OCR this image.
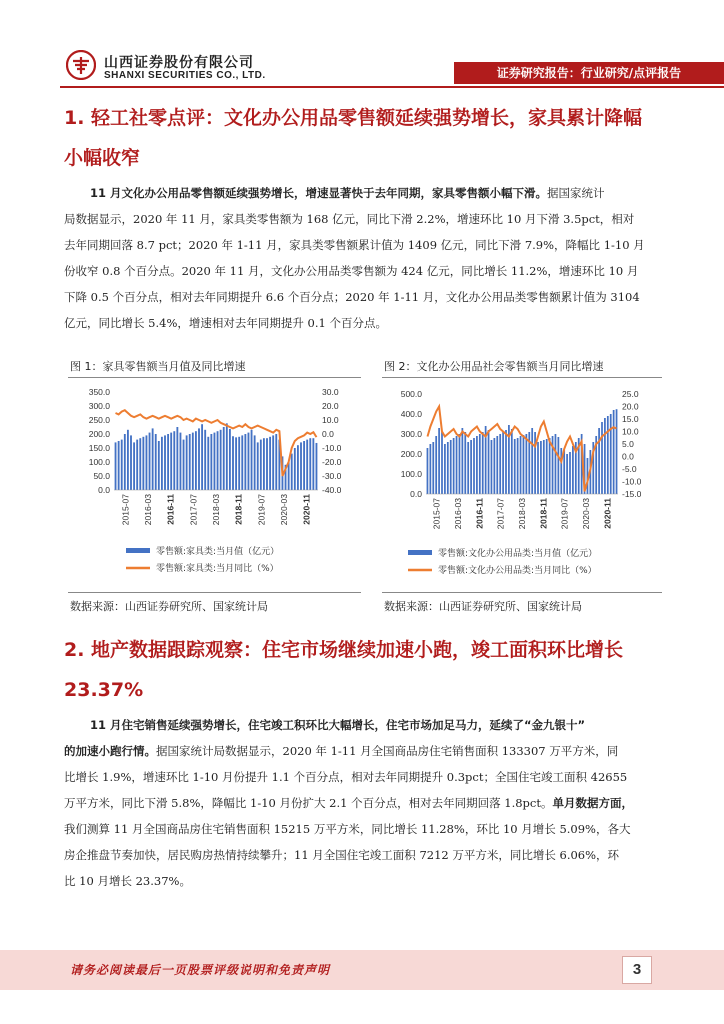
山西证券股份有限公司
SHANXI SECURITIES CO., LTD.	证券研究报告：行业研究/点评报告
1. 轻工社零点评：文化办公用品零售额延续强势增长，家具累计降幅
小幅收窄
11 月文化办公用品零售额延续强势增长，增速显著快于去年同期，家具零售额小幅下滑。据国家统计
局数据显示，2020 年 11 月，家具类零售额为 168 亿元，同比下滑 2.2%，增速环比 10 月下滑 3.5pct，相对
去年同期回落 8.7 pct；2020 年 1-11 月，家具类零售额累计值为 1409 亿元，同比下滑 7.9%，降幅比 1-10 月
份收窄 0.8 个百分点。2020 年 11 月，文化办公用品类零售额为 424 亿元，同比增长 11.2%，增速环比 10 月
下降 0.5 个百分点，相对去年同期提升 6.6 个百分点；2020 年 1-11 月，文化办公用品类零售额累计值为 3104
亿元，同比增长 5.4%，增速相对去年同期提升 0.1 个百分点。
图 1：家具零售额当月值及同比增速
350.0
300.0
250.0
200.0
150.0
100.0
50.0
0.0
30.0
20.0
10.0
0.0
-10.0
-20.0
-30.0
-40.0
2015-07 2016-03 2016-11 2017-07 2018-03 2018-11 2019-07 2020-03 2020-11
零售额:家具类:当月值（亿元）
零售额:家具类:当月同比（%）
数据来源：山西证券研究所、国家统计局
图 2：文化办公用品社会零售额当月同比增速
500.0
400.0
300.0
200.0
100.0
0.0
25.0
20.0
15.0
10.0
5.0
0.0
-5.0
-10.0
-15.0
2015-07 2016-03 2016-11 2017-07 2018-03 2018-11 2019-07 2020-03 2020-11
零售额:文化办公用品类:当月值（亿元）
零售额:文化办公用品类:当月同比（%）
数据来源：山西证券研究所、国家统计局
2. 地产数据跟踪观察：住宅市场继续加速小跑，竣工面积环比增长
23.37%
11 月住宅销售延续强势增长，住宅竣工积环比大幅增长，住宅市场加足马力，延续了“金九银十”
的加速小跑行情。据国家统计局数据显示，2020 年 1-11 月全国商品房住宅销售面积 133307 万平方米，同
比增长 1.9%，增速环比 1-10 月份提升 1.1 个百分点，相对去年同期提升 0.3pct；全国住宅竣工面积 42655
万平方米，同比下滑 5.8%，降幅比 1-10 月份扩大 2.1 个百分点，相对去年同期回落 1.8pct。单月数据方面，
我们测算 11 月全国商品房住宅销售面积 15215 万平方米，同比增长 11.28%，环比 10 月增长 5.09%，各大
房企推盘节奏加快，居民购房热情持续攀升；11 月全国住宅竣工面积 7212 万平方米，同比增长 6.06%，环
比 10 月增长 23.37%。
请务必阅读最后一页股票评级说明和免责声明	3
